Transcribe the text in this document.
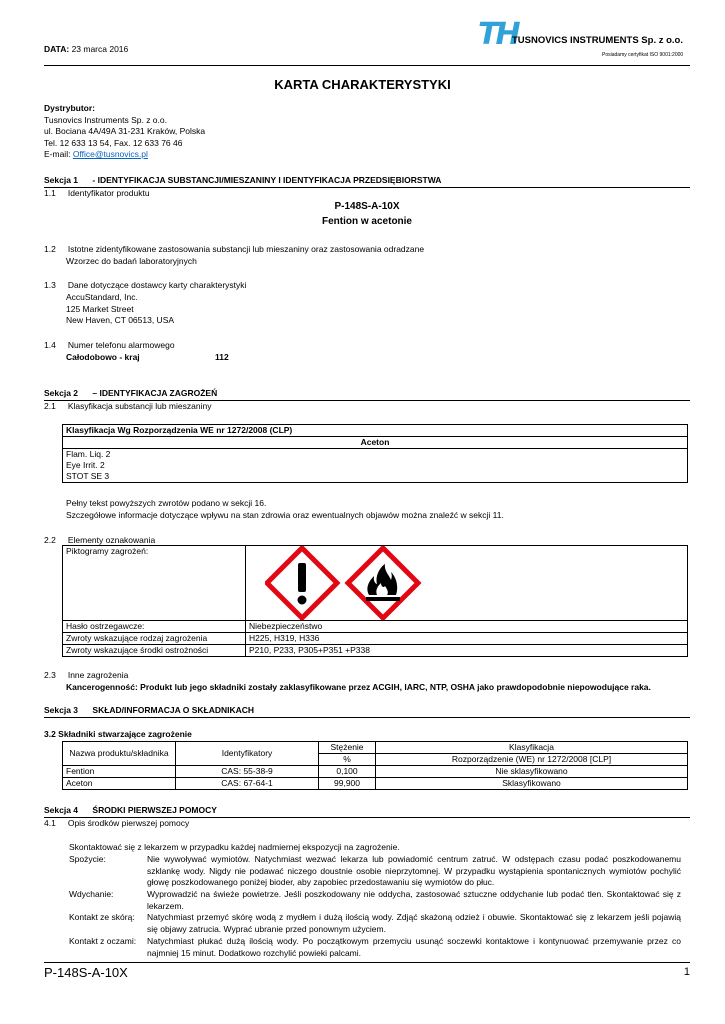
DATA: 23 marca 2016	TH
TUSNOVICS INSTRUMENTS Sp. z o.o.
Posiadamy certyfikat ISO 9001:2000
KARTA CHARAKTERYSTYKI
Dystrybutor:
Tusnovics Instruments Sp. z o.o.
ul. Bociana 4A/49A 31-231 Kraków, Polska
Tel. 12 633 13 54, Fax. 12 633 76 46
E-mail: Office@tusnovics.pl
Sekcja 1 - IDENTYFIKACJA SUBSTANCJI/MIESZANINY I IDENTYFIKACJA PRZEDSIĘBIORSTWA
1.1 Identyfikator produktu
P-148S-A-10X
Fention w acetonie
1.2 Istotne zidentyfikowane zastosowania substancji lub mieszaniny oraz zastosowania odradzane
Wzorzec do badań laboratoryjnych
1.3 Dane dotyczące dostawcy karty charakterystyki
AccuStandard, Inc.
125 Market Street
New Haven, CT 06513, USA
1.4 Numer telefonu alarmowego
Całodobowo - kraj	112
Sekcja 2 – IDENTYFIKACJA ZAGROŻEŃ
2.1 Klasyfikacja substancji lub mieszaniny
Klasyfikacja Wg Rozporządzenia WE nr 1272/2008 (CLP)
Aceton

Flam. Liq. 2
Eye Irrit. 2
STOT SE 3
Pełny tekst powyższych zwrotów podano w sekcji 16.
Szczegółowe informacje dotyczące wpływu na stan zdrowia oraz ewentualnych objawów można znaleźć w sekcji 11.
2.2 Elementy oznakowania
Piktogramy zagrożeń:	

Hasło ostrzegawcze:	Niebezpieczeństwo
Zwroty wskazujące rodzaj zagrożenia	H225, H319, H336
Zwroty wskazujące środki ostrożności	P210, P233, P305+P351 +P338
2.3 Inne zagrożenia
Kancerogenność: Produkt lub jego składniki zostały zaklasyfikowane przez ACGIH, IARC, NTP, OSHA jako prawdopodobnie niepowodujące raka.
Sekcja 3 SKŁAD/INFORMACJA O SKŁADNIKACH
3.2 Składniki stwarzające zagrożenie
Nazwa produktu/składnika	Identyfikatory	Stężenie	Klasyfikacja
		%	Rozporządzenie (WE) nr 1272/2008 [CLP]
Fention	CAS: 55-38-9	0,100	Nie sklasyfikowano
Aceton	CAS: 67-64-1	99,900	Sklasyfikowano
Sekcja 4 ŚRODKI PIERWSZEJ POMOCY
4.1 Opis środków pierwszej pomocy
Skontaktować się z lekarzem w przypadku każdej nadmiernej ekspozycji na zagrożenie.
Spożycie:	Nie wywoływać wymiotów. Natychmiast wezwać lekarza lub powiadomić centrum zatruć. W odstępach czasu podać poszkodowanemu szklankę wody. Nigdy nie podawać niczego doustnie osobie nieprzytomnej. W przypadku wystąpienia spontanicznych wymiotów pochylić głowę poszkodowanego poniżej bioder, aby zapobiec przedostawaniu się wymiotów do płuc.
Wdychanie:	Wyprowadzić na świeże powietrze. Jeśli poszkodowany nie oddycha, zastosować sztuczne oddychanie lub podać tlen. Skontaktować się z lekarzem.
Kontakt ze skórą:	Natychmiast przemyć skórę wodą z mydłem i dużą ilością wody. Zdjąć skażoną odzież i obuwie. Skontaktować się z lekarzem jeśli pojawią się objawy zatrucia. Wyprać ubranie przed ponownym użyciem.
Kontakt z oczami:	Natychmiast płukać dużą ilością wody. Po początkowym przemyciu usunąć soczewki kontaktowe i kontynuować przemywanie przez co najmniej 15 minut. Dodatkowo rozchylić powieki palcami.
P-148S-A-10X	1
